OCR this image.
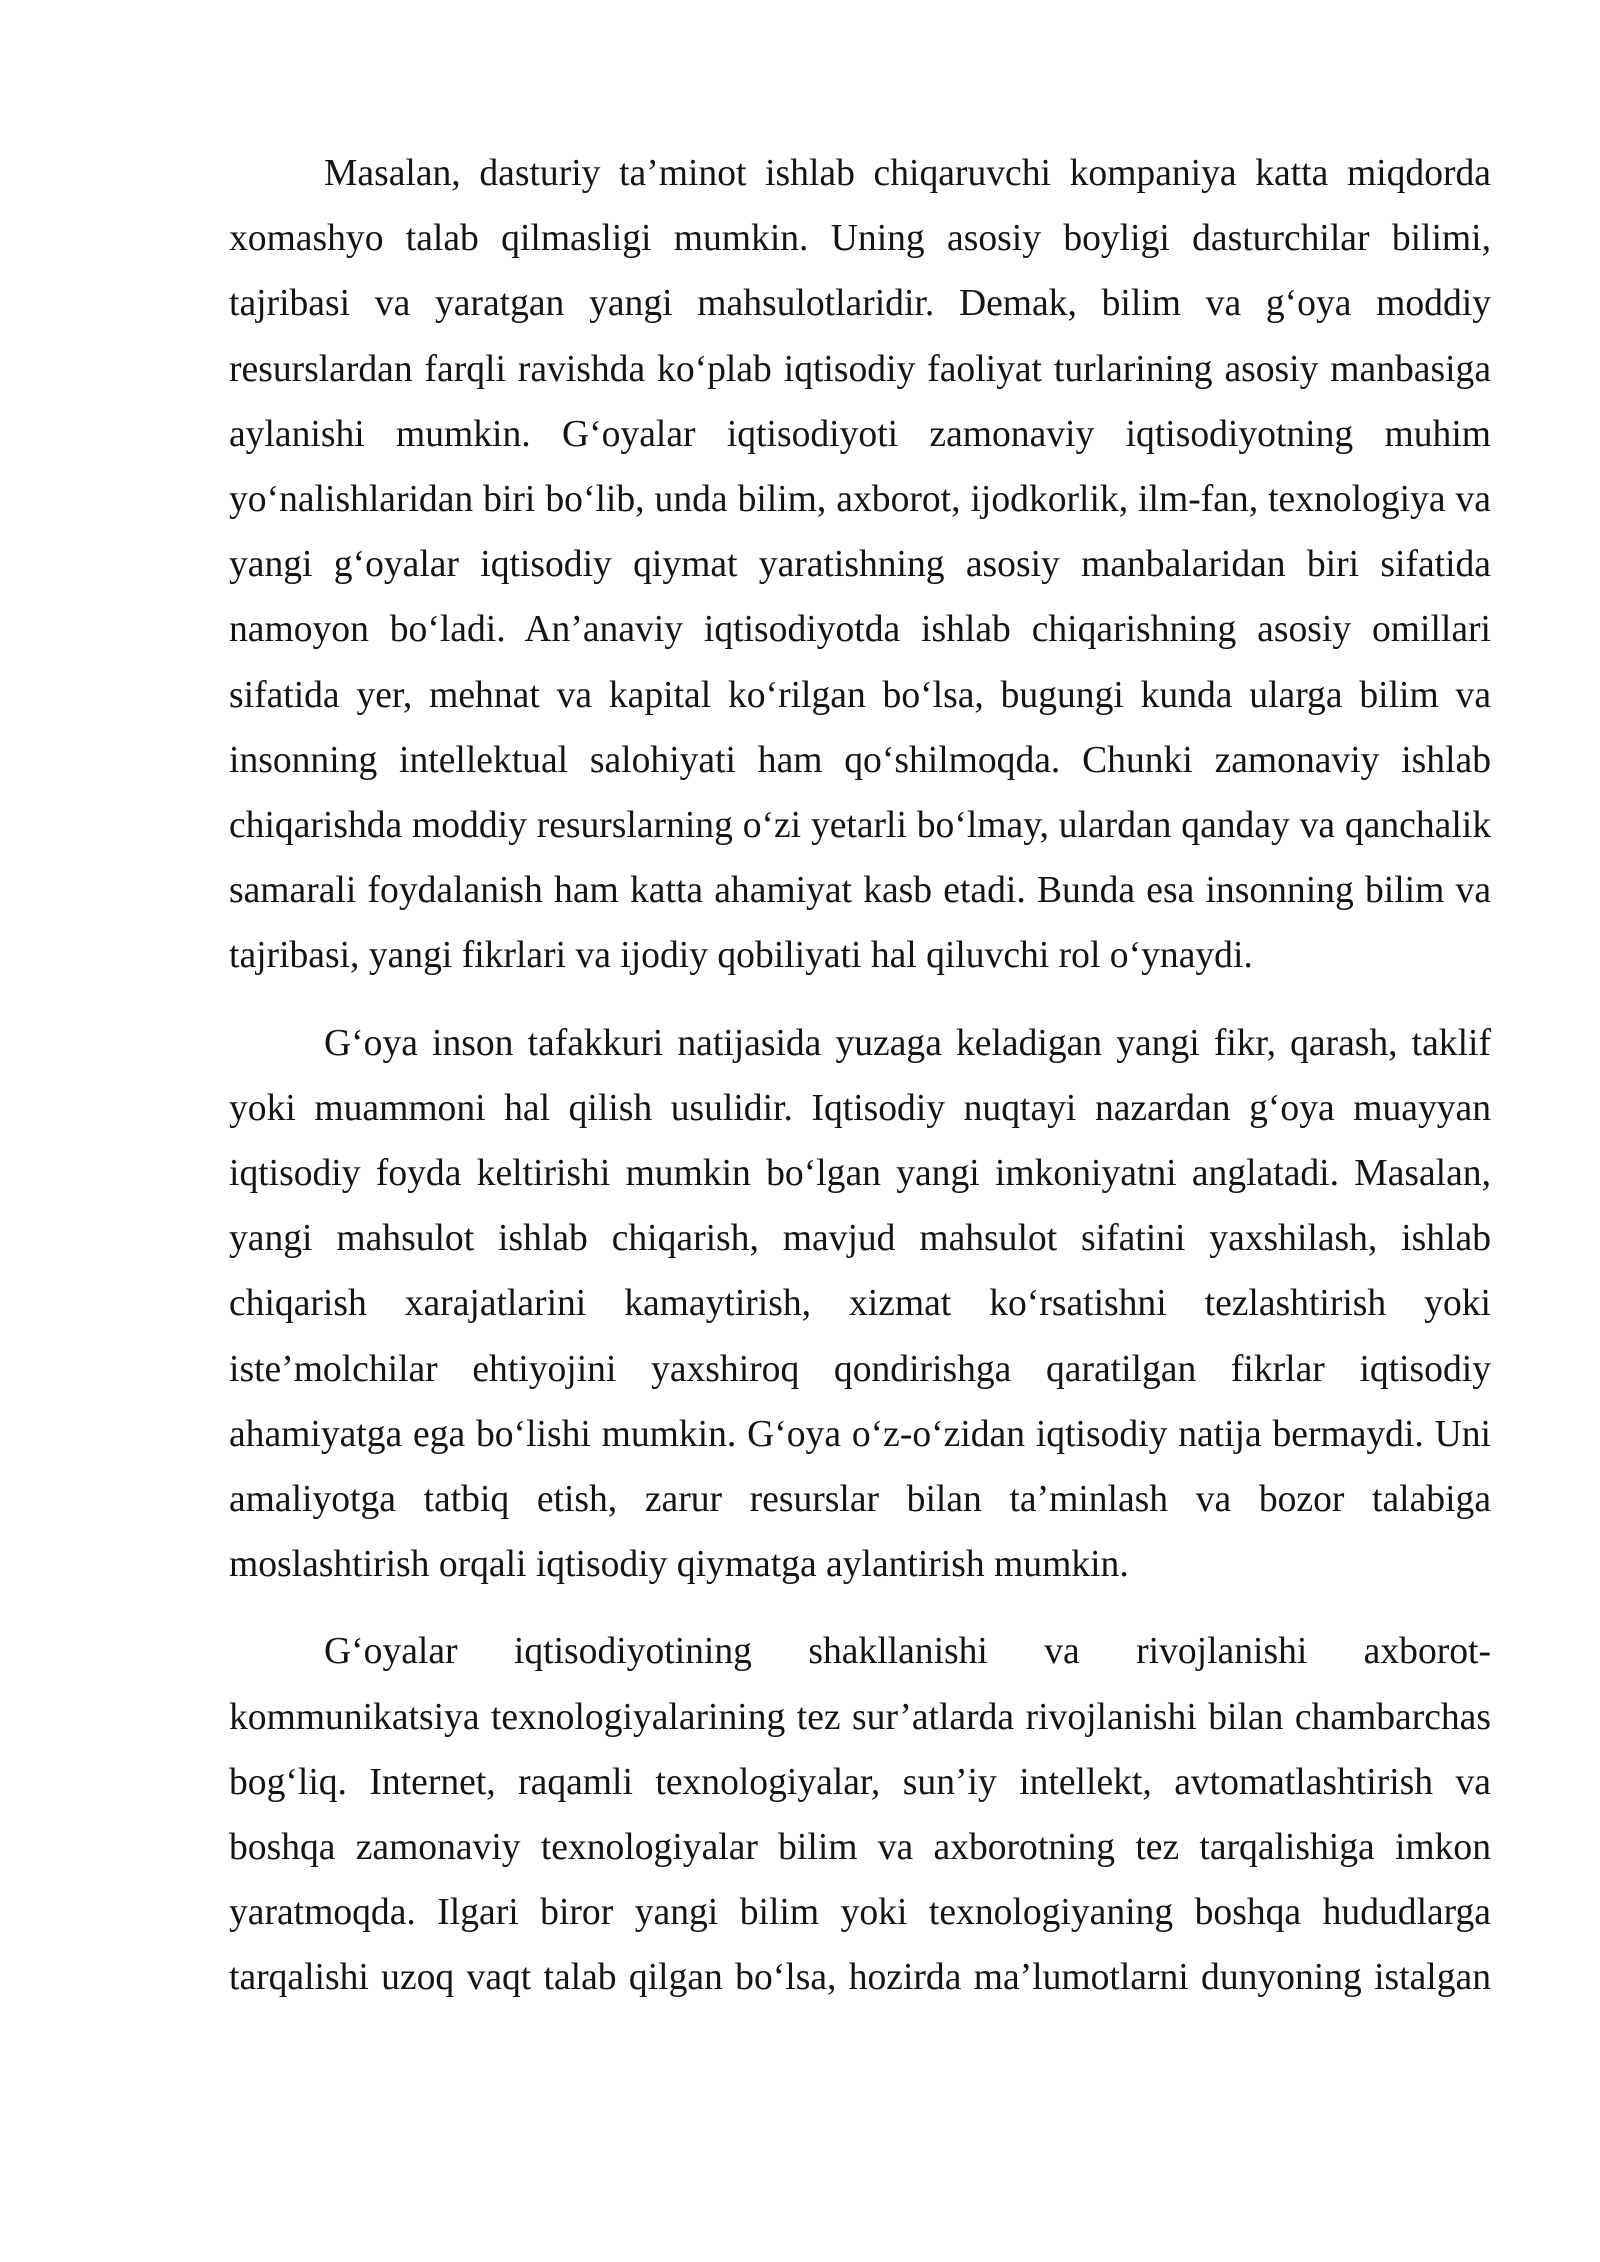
Masalan, dasturiy ta’minot ishlab chiqaruvchi kompaniya katta miqdorda xomashyo talab qilmasligi mumkin. Uning asosiy boyligi dasturchilar bilimi, tajribasi va yaratgan yangi mahsulotlaridir. Demak, bilim va g‘oya moddiy resurslardan farqli ravishda ko‘plab iqtisodiy faoliyat turlarining asosiy manbasiga aylanishi mumkin. G‘oyalar iqtisodiyoti zamonaviy iqtisodiyotning muhim yo‘nalishlaridan biri bo‘lib, unda bilim, axborot, ijodkorlik, ilm-fan, texnologiya va yangi g‘oyalar iqtisodiy qiymat yaratishning asosiy manbalaridan biri sifatida namoyon bo‘ladi. An’anaviy iqtisodiyotda ishlab chiqarishning asosiy omillari sifatida yer, mehnat va kapital ko‘rilgan bo‘lsa, bugungi kunda ularga bilim va insonning intellektual salohiyati ham qo‘shilmoqda. Chunki zamonaviy ishlab chiqarishda moddiy resurslarning o‘zi yetarli bo‘lmay, ulardan qanday va qanchalik samarali foydalanish ham katta ahamiyat kasb etadi. Bunda esa insonning bilim va tajribasi, yangi fikrlari va ijodiy qobiliyati hal qiluvchi rol o‘ynaydi.

G‘oya inson tafakkuri natijasida yuzaga keladigan yangi fikr, qarash, taklif yoki muammoni hal qilish usulidir. Iqtisodiy nuqtayi nazardan g‘oya muayyan iqtisodiy foyda keltirishi mumkin bo‘lgan yangi imkoniyatni anglatadi. Masalan, yangi mahsulot ishlab chiqarish, mavjud mahsulot sifatini yaxshilash, ishlab chiqarish xarajatlarini kamaytirish, xizmat ko‘rsatishni tezlashtirish yoki iste’molchilar ehtiyojini yaxshiroq qondirishga qaratilgan fikrlar iqtisodiy ahamiyatga ega bo‘lishi mumkin. G‘oya o‘z-o‘zidan iqtisodiy natija bermaydi. Uni amaliyotga tatbiq etish, zarur resurslar bilan ta’minlash va bozor talabiga moslashtirish orqali iqtisodiy qiymatga aylantirish mumkin.

G‘oyalar iqtisodiyotining shakllanishi va rivojlanishi axborot-kommunikatsiya texnologiyalarining tez sur’atlarda rivojlanishi bilan chambarchas bog‘liq. Internet, raqamli texnologiyalar, sun’iy intellekt, avtomatlashtirish va boshqa zamonaviy texnologiyalar bilim va axborotning tez tarqalishiga imkon yaratmoqda. Ilgari biror yangi bilim yoki texnologiyaning boshqa hududlarga tarqalishi uzoq vaqt talab qilgan bo‘lsa, hozirda ma’lumotlarni dunyoning istalgan
